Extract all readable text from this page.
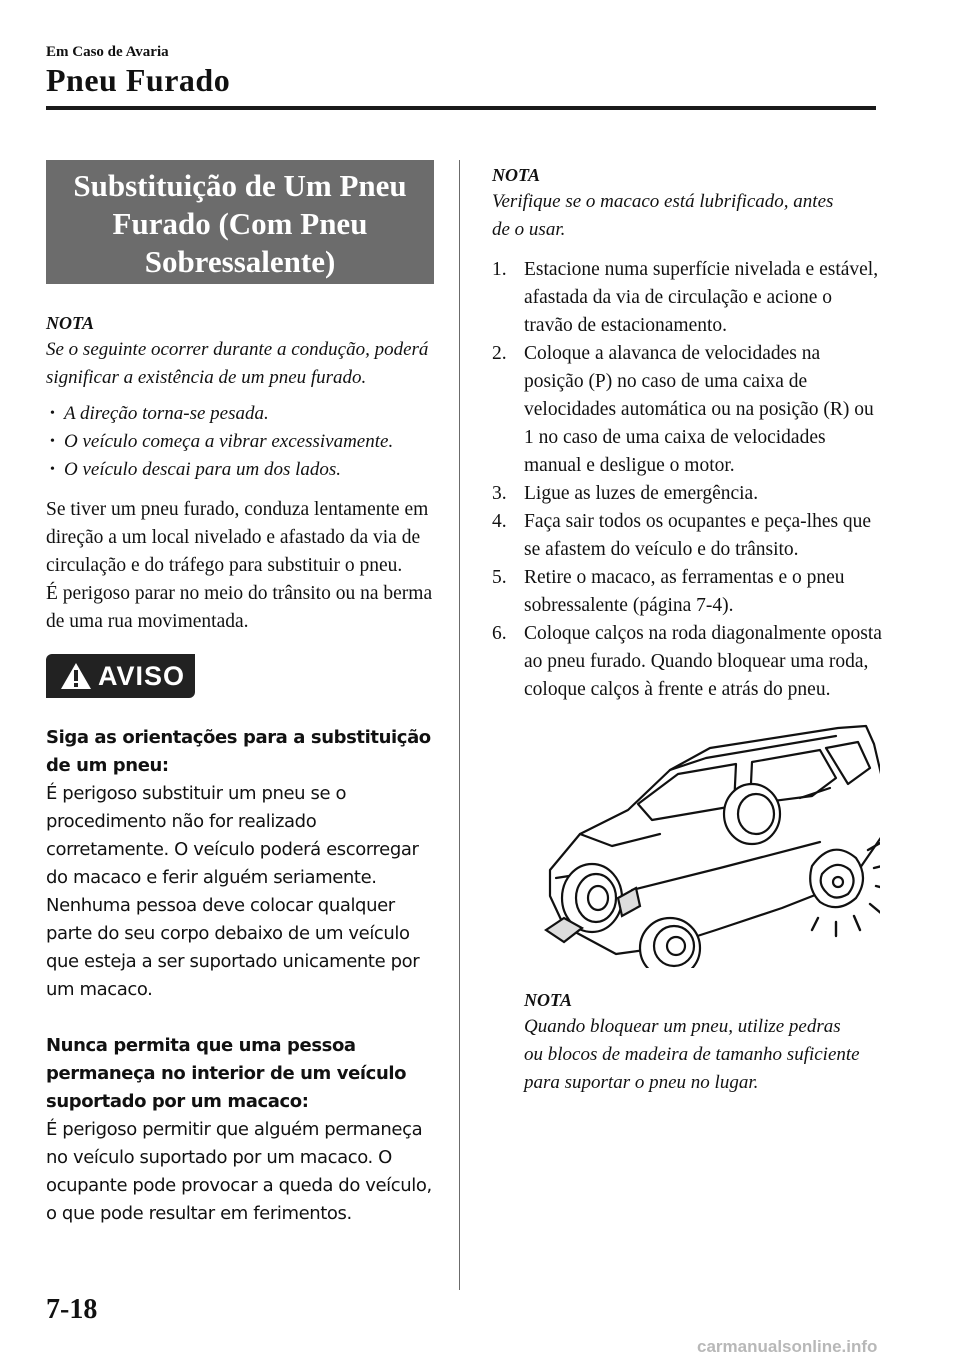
Em Caso de Avaria
Pneu Furado
Substituição de Um Pneu
Furado (Com Pneu
Sobressalente)
NOTA
Se o seguinte ocorrer durante a condução, poderá significar a existência de um pneu furado.
• A direção torna-se pesada.
• O veículo começa a vibrar excessivamente.
• O veículo descai para um dos lados.
Se tiver um pneu furado, conduza lentamente em direção a um local nivelado e afastado da via de circulação e do tráfego para substituir o pneu.
É perigoso parar no meio do trânsito ou na berma de uma rua movimentada.
AVISO
Siga as orientações para a substituição de um pneu:
É perigoso substituir um pneu se o procedimento não for realizado corretamente. O veículo poderá escorregar do macaco e ferir alguém seriamente. Nenhuma pessoa deve colocar qualquer parte do seu corpo debaixo de um veículo que esteja a ser suportado unicamente por um macaco.
Nunca permita que uma pessoa permaneça no interior de um veículo suportado por um macaco:
É perigoso permitir que alguém permaneça no veículo suportado por um macaco. O ocupante pode provocar a queda do veículo, o que pode resultar em ferimentos.
NOTA
Verifique se o macaco está lubrificado, antes de o usar.
1. Estacione numa superfície nivelada e estável, afastada da via de circulação e acione o travão de estacionamento.
2. Coloque a alavanca de velocidades na posição (P) no caso de uma caixa de velocidades automática ou na posição (R) ou 1 no caso de uma caixa de velocidades manual e desligue o motor.
3. Ligue as luzes de emergência.
4. Faça sair todos os ocupantes e peça-lhes que se afastem do veículo e do trânsito.
5. Retire o macaco, as ferramentas e o pneu sobressalente (página 7-4).
6. Coloque calços na roda diagonalmente oposta ao pneu furado. Quando bloquear uma roda, coloque calços à frente e atrás do pneu.
NOTA
Quando bloquear um pneu, utilize pedras ou blocos de madeira de tamanho suficiente para suportar o pneu no lugar.
7-18
carmanualsonline.info
